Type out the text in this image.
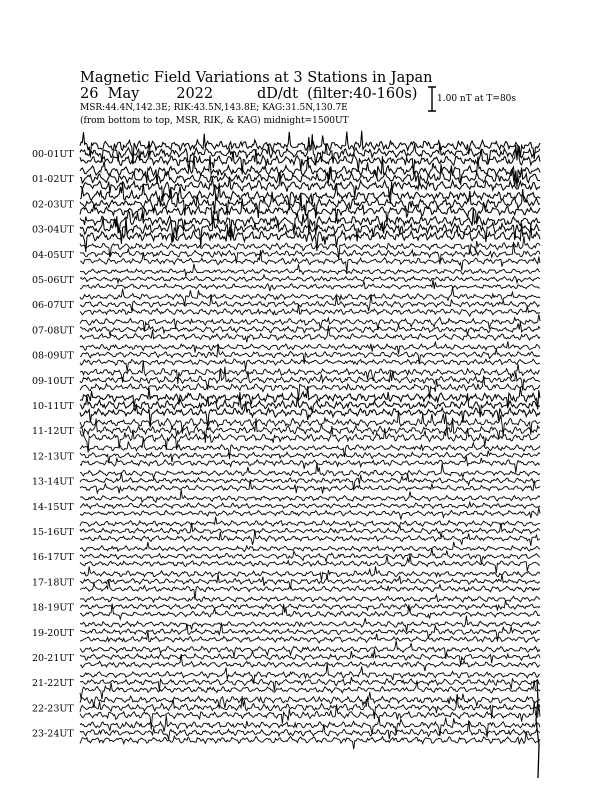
Magnetic Field Variations at 3 Stations in Japan
26  May        2022	dD/dt  (filter:40-160s)
MSR:44.4N,142.3E; RIK:43.5N,143.8E; KAG:31.5N,130.7E
(from bottom to top, MSR, RIK, & KAG) midnight=1500UT
1.00 nT at T=80s
00-01UT
01-02UT
02-03UT
03-04UT
04-05UT
05-06UT
06-07UT
07-08UT
08-09UT
09-10UT
10-11UT
11-12UT
12-13UT
13-14UT
14-15UT
15-16UT
16-17UT
17-18UT
18-19UT
19-20UT
20-21UT
21-22UT
22-23UT
23-24UT
